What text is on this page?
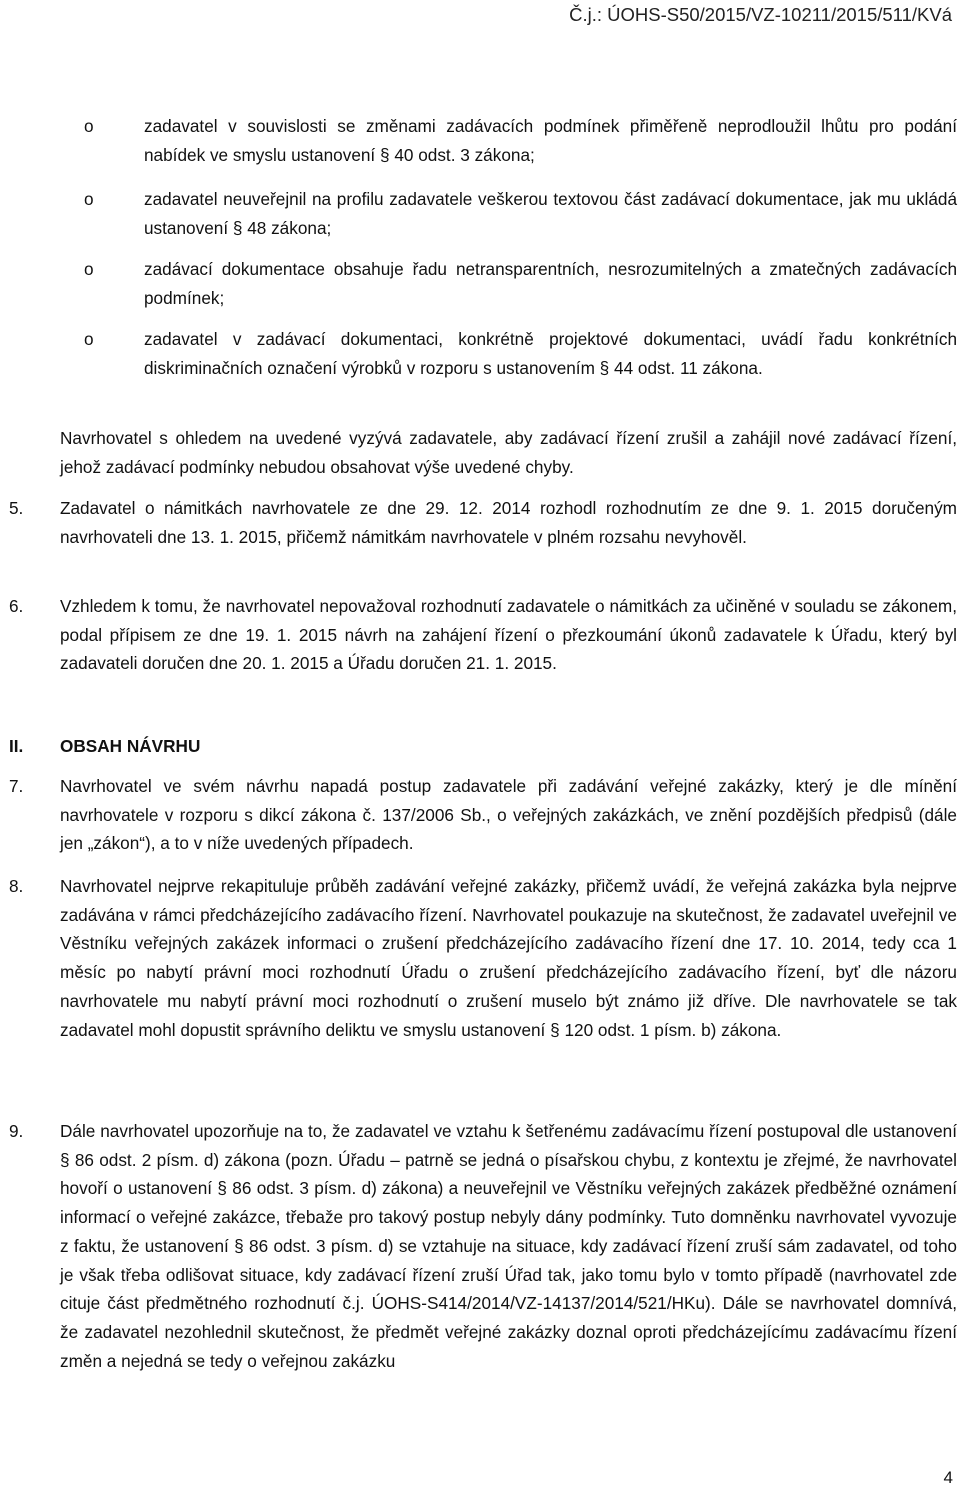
Č.j.: ÚOHS-S50/2015/VZ-10211/2015/511/KVá
o	zadavatel v souvislosti se změnami zadávacích podmínek přiměřeně neprodloužil lhůtu pro podání nabídek ve smyslu ustanovení § 40 odst. 3 zákona;
o	zadavatel neuveřejnil na profilu zadavatele veškerou textovou část zadávací dokumentace, jak mu ukládá ustanovení § 48 zákona;
o	zadávací dokumentace obsahuje řadu netransparentních, nesrozumitelných a zmatečných zadávacích podmínek;
o	zadavatel v zadávací dokumentaci, konkrétně projektové dokumentaci, uvádí řadu konkrétních diskriminačních označení výrobků v rozporu s ustanovením § 44 odst. 11 zákona.
Navrhovatel s ohledem na uvedené vyzývá zadavatele, aby zadávací řízení zrušil a zahájil nové zadávací řízení, jehož zadávací podmínky nebudou obsahovat výše uvedené chyby.
5. Zadavatel o námitkách navrhovatele ze dne 29. 12. 2014 rozhodl rozhodnutím ze dne 9. 1. 2015 doručeným navrhovateli dne 13. 1. 2015, přičemž námitkám navrhovatele v plném rozsahu nevyhověl.
6. Vzhledem k tomu, že navrhovatel nepovažoval rozhodnutí zadavatele o námitkách za učiněné v souladu se zákonem, podal přípisem ze dne 19. 1. 2015 návrh na zahájení řízení o přezkoumání úkonů zadavatele k Úřadu, který byl zadavateli doručen dne 20. 1. 2015 a Úřadu doručen 21. 1. 2015.
II. OBSAH NÁVRHU
7. Navrhovatel ve svém návrhu napadá postup zadavatele při zadávání veřejné zakázky, který je dle mínění navrhovatele v rozporu s dikcí zákona č. 137/2006 Sb., o veřejných zakázkách, ve znění pozdějších předpisů (dále jen „zákon“), a to v níže uvedených případech.
8. Navrhovatel nejprve rekapituluje průběh zadávání veřejné zakázky, přičemž uvádí, že veřejná zakázka byla nejprve zadávána v rámci předcházejícího zadávacího řízení. Navrhovatel poukazuje na skutečnost, že zadavatel uveřejnil ve Věstníku veřejných zakázek informaci o zrušení předcházejícího zadávacího řízení dne 17. 10. 2014, tedy cca 1 měsíc po nabytí právní moci rozhodnutí Úřadu o zrušení předcházejícího zadávacího řízení, byť dle názoru navrhovatele mu nabytí právní moci rozhodnutí o zrušení muselo být známo již dříve. Dle navrhovatele se tak zadavatel mohl dopustit správního deliktu ve smyslu ustanovení § 120 odst. 1 písm. b) zákona.
9. Dále navrhovatel upozorňuje na to, že zadavatel ve vztahu k šetřenému zadávacímu řízení postupoval dle ustanovení § 86 odst. 2 písm. d) zákona (pozn. Úřadu – patrně se jedná o písařskou chybu, z kontextu je zřejmé, že navrhovatel hovoří o ustanovení § 86 odst. 3 písm. d) zákona) a neuveřejnil ve Věstníku veřejných zakázek předběžné oznámení informací o veřejné zakázce, třebaže pro takový postup nebyly dány podmínky. Tuto domněnku navrhovatel vyvozuje z faktu, že ustanovení § 86 odst. 3 písm. d) se vztahuje na situace, kdy zadávací řízení zruší sám zadavatel, od toho je však třeba odlišovat situace, kdy zadávací řízení zruší Úřad tak, jako tomu bylo v tomto případě (navrhovatel zde cituje část předmětného rozhodnutí č.j. ÚOHS-S414/2014/VZ-14137/2014/521/HKu). Dále se navrhovatel domnívá, že zadavatel nezohlednil skutečnost, že předmět veřejné zakázky doznal oproti předcházejícímu zadávacímu řízení změn a nejedná se tedy o veřejnou zakázku
4
